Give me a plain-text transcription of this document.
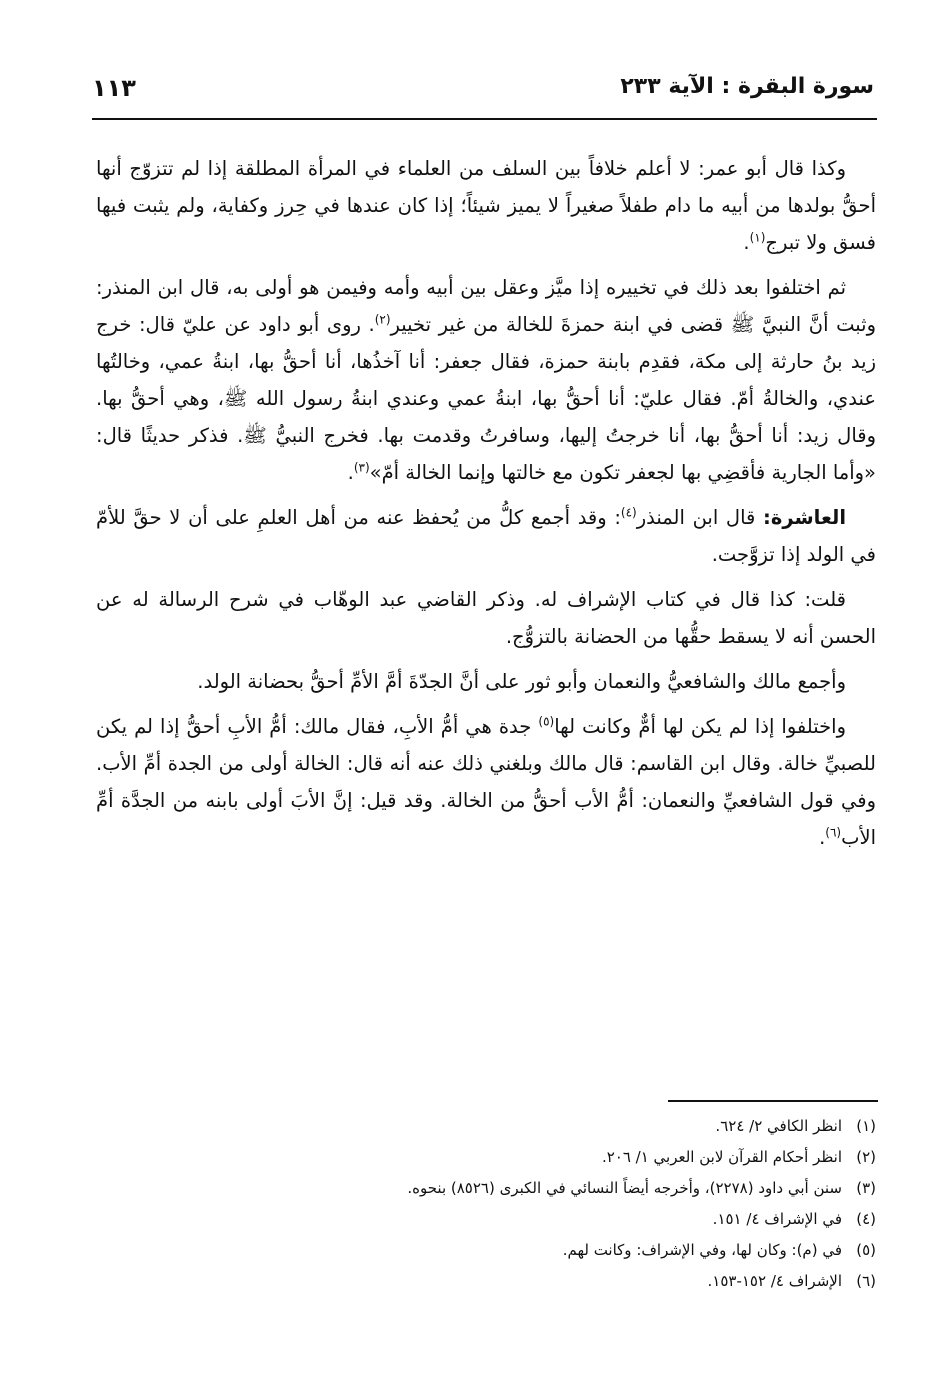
سورة البقرة : الآية ٢٣٣
١١٣

وكذا قال أبو عمر: لا أعلم خلافاً بين السلف من العلماء في المرأة المطلقة إذا لم تتزوّج أنها أحقُّ بولدها من أبيه ما دام طفلاً صغيراً لا يميز شيئاً؛ إذا كان عندها في حِرز وكفاية، ولم يثبت فيها فسق ولا تبرج$^{(١)}$.

ثم اختلفوا بعد ذلك في تخييره إذا ميَّز وعقل بين أبيه وأمه وفيمن هو أولى به، قال ابن المنذر: وثبت أنَّ النبيَّ ﷺ قضى في ابنة حمزةَ للخالة من غير تخيير$^{(٢)}$. روى أبو داود عن عليّ قال: خرج زيد بنُ حارثة إلى مكة، فقدِم بابنة حمزة، فقال جعفر: أنا آخذُها، أنا أحقُّ بها، ابنةُ عمي، وخالتُها عندي، والخالةُ أمّ. فقال عليّ: أنا أحقُّ بها، ابنةُ عمي وعندي ابنةُ رسول الله ﷺ، وهي أحقُّ بها. وقال زيد: أنا أحقُّ بها، أنا خرجتُ إليها، وسافرتُ وقدمت بها. فخرج النبيُّ ﷺ. فذكر حديثًا قال: «وأما الجارية فأقضِي بها لجعفر تكون مع خالتها وإنما الخالة أمّ»$^{(٣)}$.

العاشرة: قال ابن المنذر$^{(٤)}$: وقد أجمع كلُّ من يُحفظ عنه من أهل العلمِ على أن لا حقَّ للأمّ في الولد إذا تزوَّجت.

قلت: كذا قال في كتاب الإشراف له. وذكر القاضي عبد الوهّاب في شرح الرسالة له عن الحسن أنه لا يسقط حقُّها من الحضانة بالتزوُّج.

وأجمع مالك والشافعيُّ والنعمان وأبو ثور على أنَّ الجدّةَ أمَّ الأمِّ أحقُّ بحضانة الولد.

واختلفوا إذا لم يكن لها أمٌّ وكانت لها$^{(٥)}$ جدة هي أمُّ الأبِ، فقال مالك: أمُّ الأبِ أحقُّ إذا لم يكن للصبيِّ خالة. وقال ابن القاسم: قال مالك وبلغني ذلك عنه أنه قال: الخالة أولى من الجدة أمِّ الأب. وفي قول الشافعيِّ والنعمان: أمُّ الأب أحقُّ من الخالة. وقد قيل: إنَّ الأبَ أولى بابنه من الجدَّة أمِّ الأب$^{(٦)}$.

(١)انظر الكافي ٢/ ٦٢٤.
(٢)انظر أحكام القرآن لابن العربي ١/ ٢٠٦.
(٣)سنن أبي داود (٢٢٧٨)، وأخرجه أيضاً النسائي في الكبرى (٨٥٢٦) بنحوه.
(٤)في الإشراف ٤/ ١٥١.
(٥)في (م): وكان لها، وفي الإشراف: وكانت لهم.
(٦)الإشراف ٤/ ١٥٢-١٥٣.
